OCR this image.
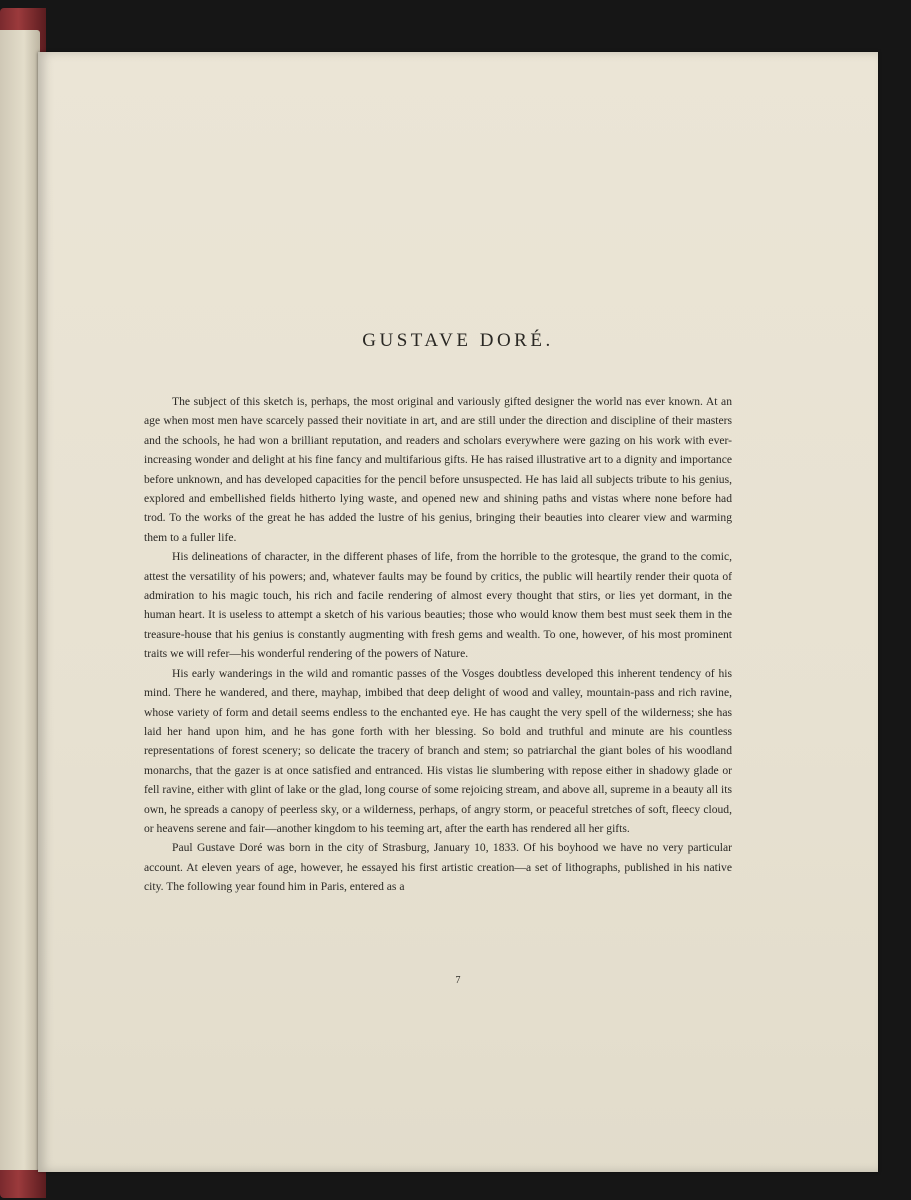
GUSTAVE DORÉ.

The subject of this sketch is, perhaps, the most original and variously gifted designer the world nas ever known. At an age when most men have scarcely passed their novitiate in art, and are still under the direction and discipline of their masters and the schools, he had won a brilliant reputation, and readers and scholars everywhere were gazing on his work with ever-increasing wonder and delight at his fine fancy and multifarious gifts. He has raised illustrative art to a dignity and importance before unknown, and has developed capacities for the pencil before unsuspected. He has laid all subjects tribute to his genius, explored and embellished fields hitherto lying waste, and opened new and shining paths and vistas where none before had trod. To the works of the great he has added the lustre of his genius, bringing their beauties into clearer view and warming them to a fuller life.

His delineations of character, in the different phases of life, from the horrible to the grotesque, the grand to the comic, attest the versatility of his powers; and, whatever faults may be found by critics, the public will heartily render their quota of admiration to his magic touch, his rich and facile rendering of almost every thought that stirs, or lies yet dormant, in the human heart. It is useless to attempt a sketch of his various beauties; those who would know them best must seek them in the treasure-house that his genius is constantly augmenting with fresh gems and wealth. To one, however, of his most prominent traits we will refer—his wonderful rendering of the powers of Nature.

His early wanderings in the wild and romantic passes of the Vosges doubtless developed this inherent tendency of his mind. There he wandered, and there, mayhap, imbibed that deep delight of wood and valley, mountain-pass and rich ravine, whose variety of form and detail seems endless to the enchanted eye. He has caught the very spell of the wilderness; she has laid her hand upon him, and he has gone forth with her blessing. So bold and truthful and minute are his countless representations of forest scenery; so delicate the tracery of branch and stem; so patriarchal the giant boles of his woodland monarchs, that the gazer is at once satisfied and entranced. His vistas lie slumbering with repose either in shadowy glade or fell ravine, either with glint of lake or the glad, long course of some rejoicing stream, and above all, supreme in a beauty all its own, he spreads a canopy of peerless sky, or a wilderness, perhaps, of angry storm, or peaceful stretches of soft, fleecy cloud, or heavens serene and fair—another kingdom to his teeming art, after the earth has rendered all her gifts.

Paul Gustave Doré was born in the city of Strasburg, January 10, 1833. Of his boyhood we have no very particular account. At eleven years of age, however, he essayed his first artistic creation—a set of lithographs, published in his native city. The following year found him in Paris, entered as a

7
